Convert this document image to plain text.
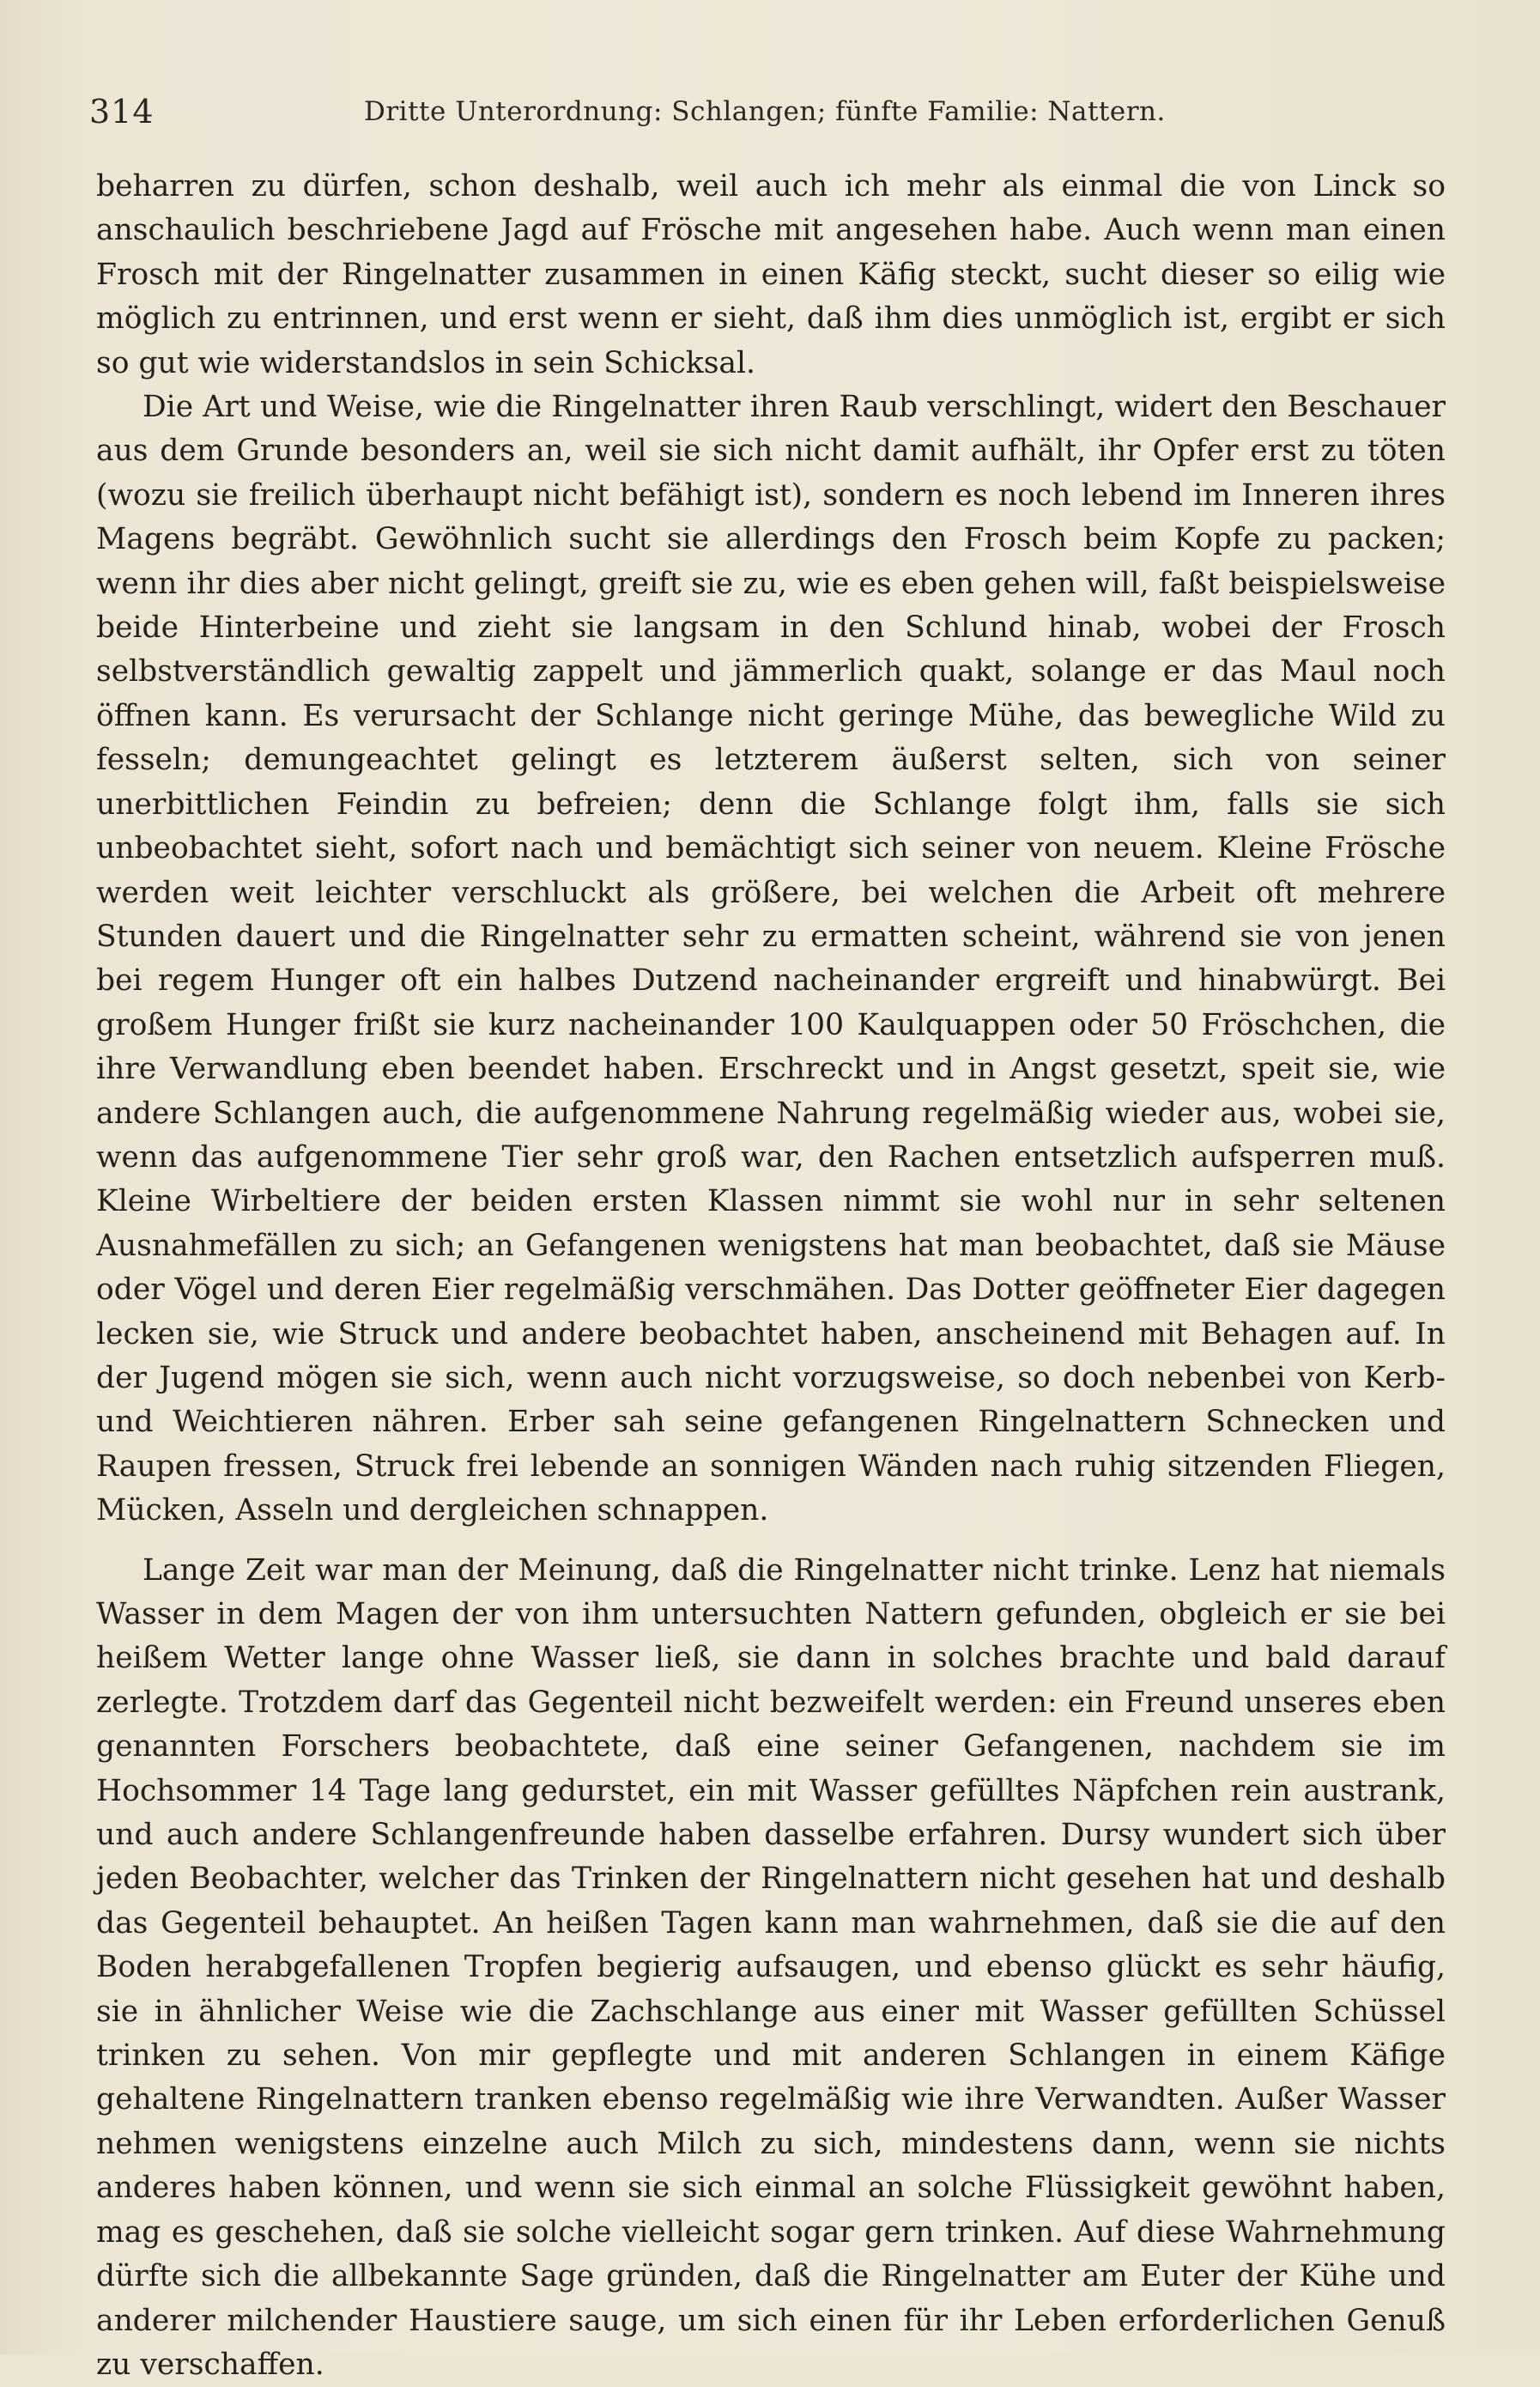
314	Dritte Unterordnung: Schlangen; fünfte Familie: Nattern.

beharren zu dürfen, schon deshalb, weil auch ich mehr als einmal die von Linck so anschaulich beschriebene Jagd auf Frösche mit angesehen habe. Auch wenn man einen Frosch mit der Ringelnatter zusammen in einen Käfig steckt, sucht dieser so eilig wie möglich zu entrinnen, und erst wenn er sieht, daß ihm dies unmöglich ist, ergibt er sich so gut wie widerstandslos in sein Schicksal.

Die Art und Weise, wie die Ringelnatter ihren Raub verschlingt, widert den Beschauer aus dem Grunde besonders an, weil sie sich nicht damit aufhält, ihr Opfer erst zu töten (wozu sie freilich überhaupt nicht befähigt ist), sondern es noch lebend im Inneren ihres Magens begräbt. Gewöhnlich sucht sie allerdings den Frosch beim Kopfe zu packen; wenn ihr dies aber nicht gelingt, greift sie zu, wie es eben gehen will, faßt beispielsweise beide Hinterbeine und zieht sie langsam in den Schlund hinab, wobei der Frosch selbstverständlich gewaltig zappelt und jämmerlich quakt, solange er das Maul noch öffnen kann. Es verursacht der Schlange nicht geringe Mühe, das bewegliche Wild zu fesseln; demungeachtet gelingt es letzterem äußerst selten, sich von seiner unerbittlichen Feindin zu befreien; denn die Schlange folgt ihm, falls sie sich unbeobachtet sieht, sofort nach und bemächtigt sich seiner von neuem. Kleine Frösche werden weit leichter verschluckt als größere, bei welchen die Arbeit oft mehrere Stunden dauert und die Ringelnatter sehr zu ermatten scheint, während sie von jenen bei regem Hunger oft ein halbes Dutzend nacheinander ergreift und hinabwürgt. Bei großem Hunger frißt sie kurz nacheinander 100 Kaulquappen oder 50 Fröschchen, die ihre Verwandlung eben beendet haben. Erschreckt und in Angst gesetzt, speit sie, wie andere Schlangen auch, die aufgenommene Nahrung regelmäßig wieder aus, wobei sie, wenn das aufgenommene Tier sehr groß war, den Rachen entsetzlich aufsperren muß. Kleine Wirbeltiere der beiden ersten Klassen nimmt sie wohl nur in sehr seltenen Ausnahmefällen zu sich; an Gefangenen wenigstens hat man beobachtet, daß sie Mäuse oder Vögel und deren Eier regelmäßig verschmähen. Das Dotter geöffneter Eier dagegen lecken sie, wie Struck und andere beobachtet haben, anscheinend mit Behagen auf. In der Jugend mögen sie sich, wenn auch nicht vorzugsweise, so doch nebenbei von Kerb- und Weichtieren nähren. Erber sah seine gefangenen Ringelnattern Schnecken und Raupen fressen, Struck frei lebende an sonnigen Wänden nach ruhig sitzenden Fliegen, Mücken, Asseln und dergleichen schnappen.

Lange Zeit war man der Meinung, daß die Ringelnatter nicht trinke. Lenz hat niemals Wasser in dem Magen der von ihm untersuchten Nattern gefunden, obgleich er sie bei heißem Wetter lange ohne Wasser ließ, sie dann in solches brachte und bald darauf zerlegte. Trotzdem darf das Gegenteil nicht bezweifelt werden: ein Freund unseres eben genannten Forschers beobachtete, daß eine seiner Gefangenen, nachdem sie im Hochsommer 14 Tage lang gedurstet, ein mit Wasser gefülltes Näpfchen rein austrank, und auch andere Schlangenfreunde haben dasselbe erfahren. Dursy wundert sich über jeden Beobachter, welcher das Trinken der Ringelnattern nicht gesehen hat und deshalb das Gegenteil behauptet. An heißen Tagen kann man wahrnehmen, daß sie die auf den Boden herabgefallenen Tropfen begierig aufsaugen, und ebenso glückt es sehr häufig, sie in ähnlicher Weise wie die Zachschlange aus einer mit Wasser gefüllten Schüssel trinken zu sehen. Von mir gepflegte und mit anderen Schlangen in einem Käfige gehaltene Ringelnattern tranken ebenso regelmäßig wie ihre Verwandten. Außer Wasser nehmen wenigstens einzelne auch Milch zu sich, mindestens dann, wenn sie nichts anderes haben können, und wenn sie sich einmal an solche Flüssigkeit gewöhnt haben, mag es geschehen, daß sie solche vielleicht sogar gern trinken. Auf diese Wahrnehmung dürfte sich die allbekannte Sage gründen, daß die Ringelnatter am Euter der Kühe und anderer milchender Haustiere sauge, um sich einen für ihr Leben erforderlichen Genuß zu verschaffen.
